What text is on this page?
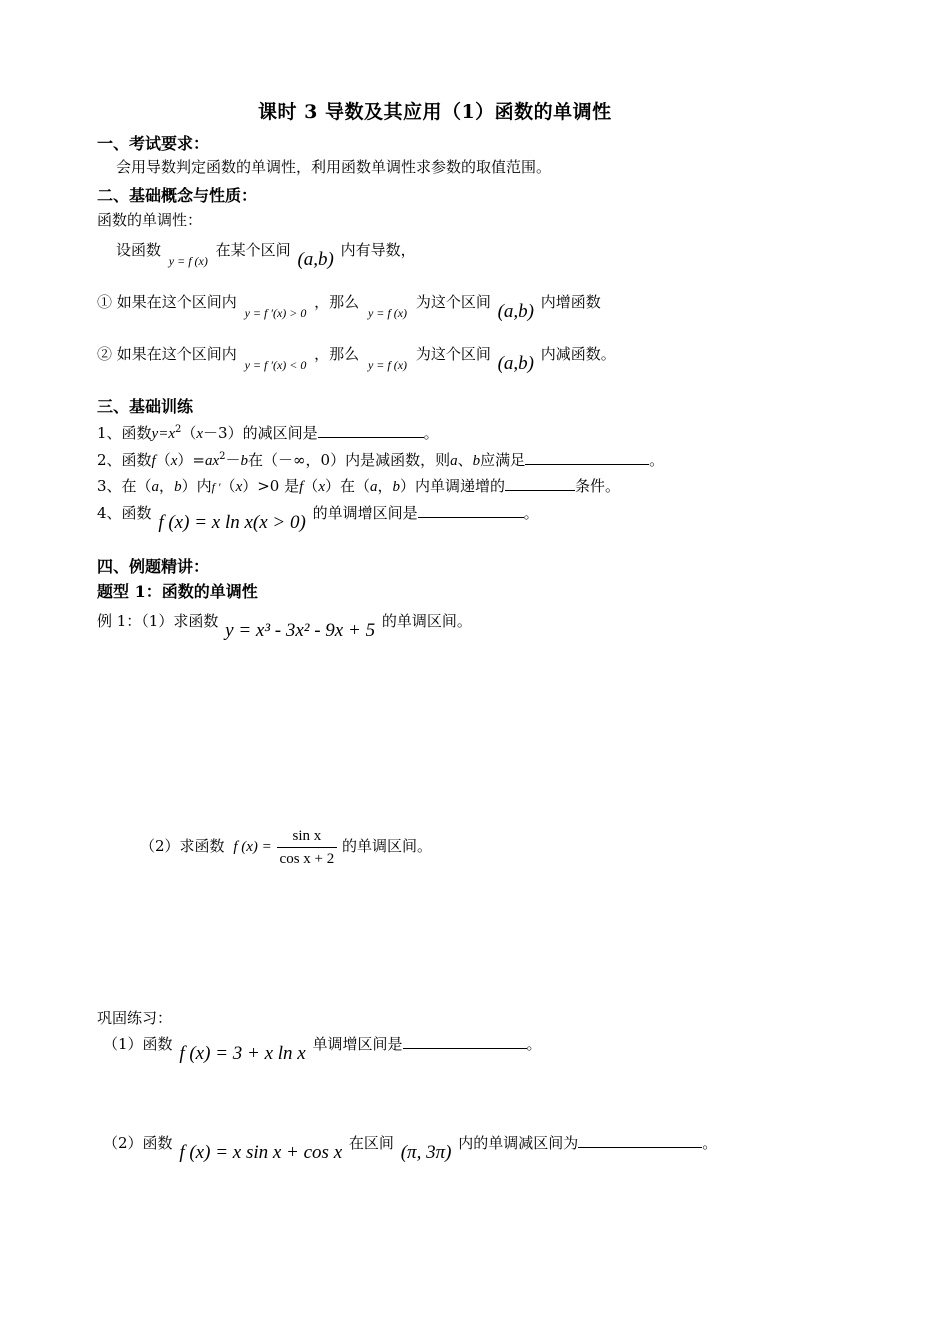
课时 3 导数及其应用（1）函数的单调性
一、考试要求：
会用导数判定函数的单调性，利用函数单调性求参数的取值范围。
二、基础概念与性质：
函数的单调性：
设函数 $_{y = f (x)}$ 在某个区间 (a,b) 内有导数，
① 如果在这个区间内 $_{y = f '(x) > 0}$ ，那么 $_{y = f (x)}$ 为这个区间 (a,b) 内增函数
② 如果在这个区间内 $_{y = f '(x) < 0}$ ，那么 $_{y = f (x)}$ 为这个区间 (a,b) 内减函数。
三、基础训练
1、函数$y=x^2(x-3)$的减区间是	。
2、函数$f(x)=ax^2-b$在（－∞，0）内是减函数，则a、b应满足	。
3、在（a，b）内f ′（x）>0 是f（x）在（a，b）内单调递增的	条件。
4、函数 f (x) = x ln x(x > 0) 的单调增区间是	。
四、例题精讲：
题型 1：函数的单调性
例 1：（1）求函数 y = x³ - 3x² - 9x + 5 的单调区间。
（2）求函数 f $(x) = \frac{\text{sin x}}{\text{cos x + 2}}$ 的单调区间。
巩固练习：
（1）函数 f (x) = 3 + x ln x 单调增区间是	。
（2）函数 f (x) = x sin x + cos x 在区间 (π, 3π) 内的单调减区间为	。
